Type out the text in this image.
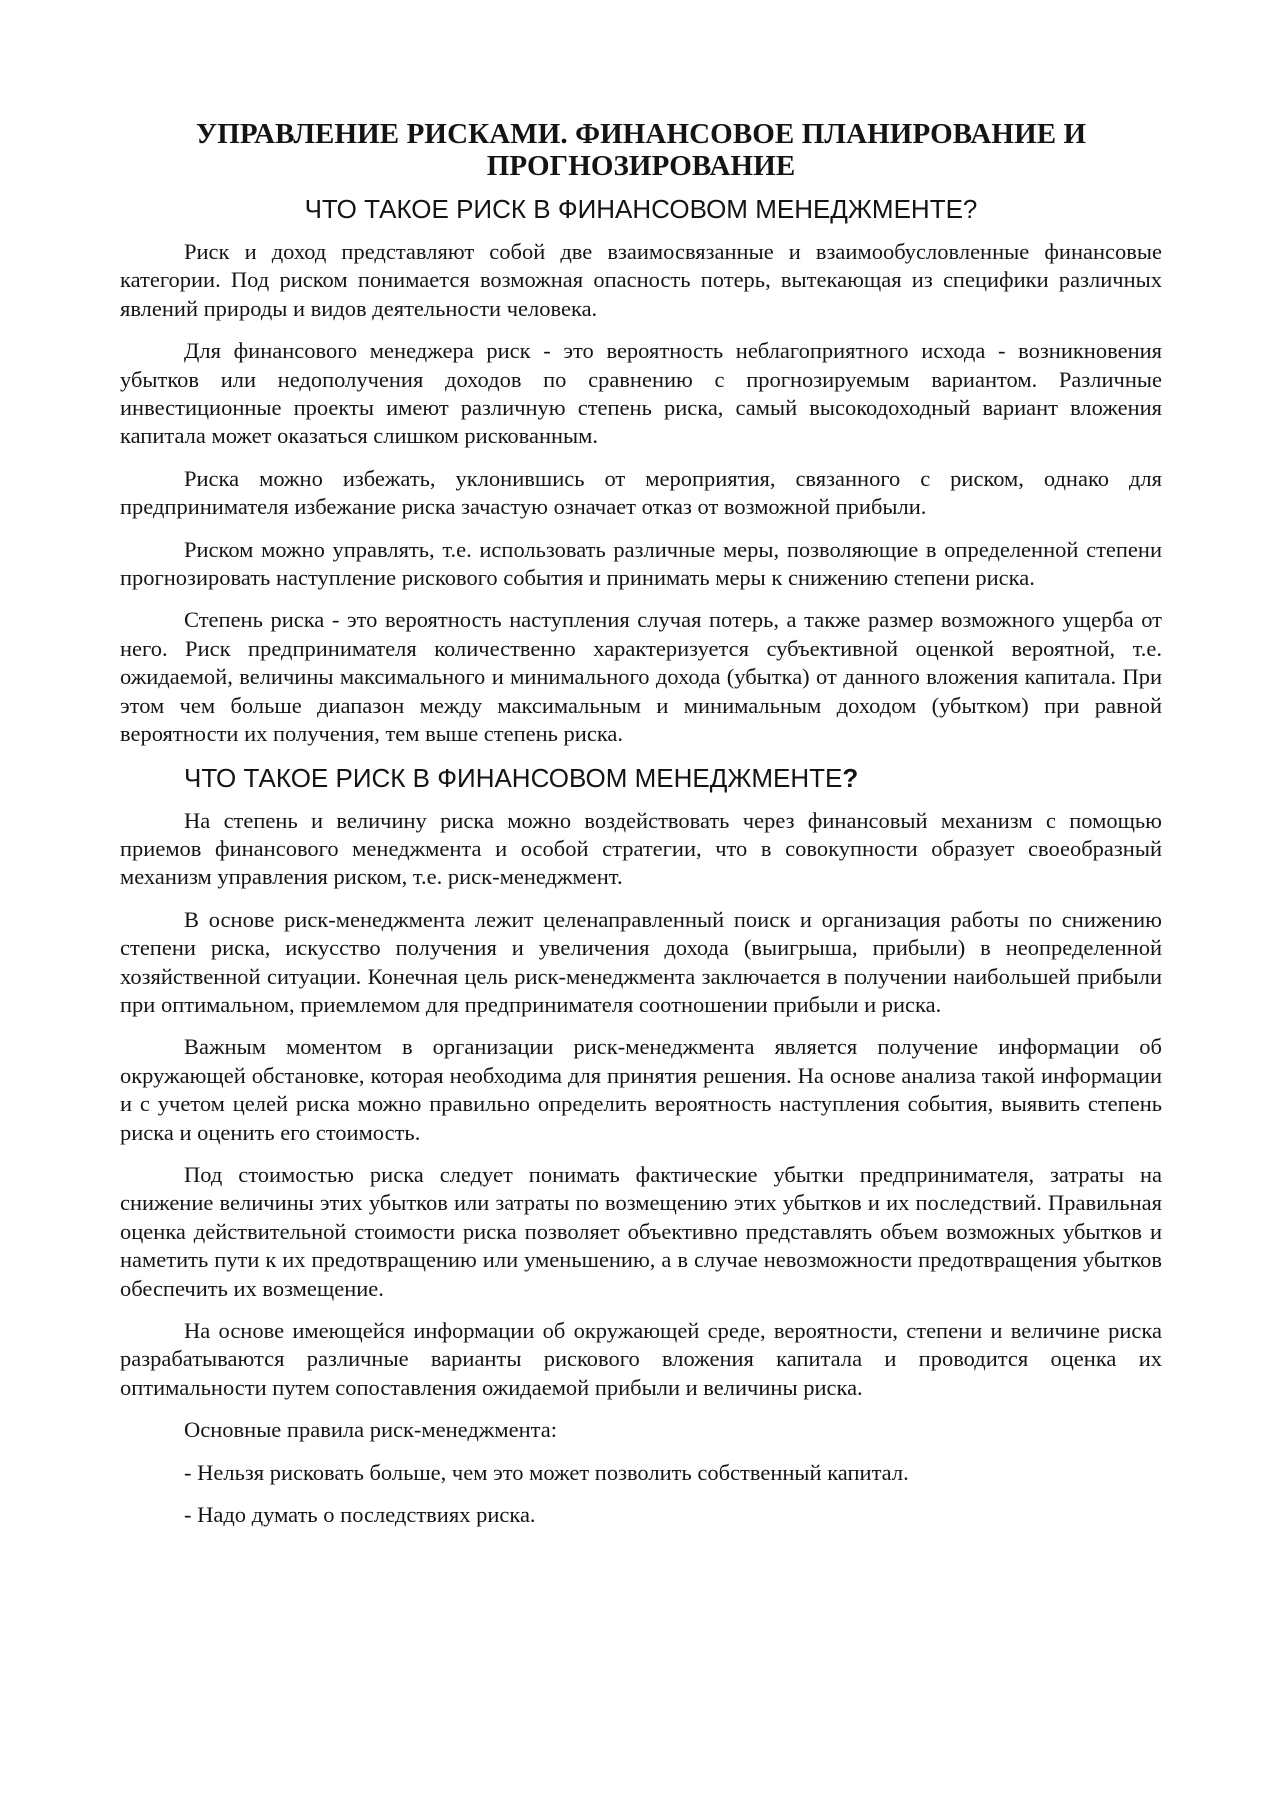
УПРАВЛЕНИЕ РИСКАМИ. ФИНАНСОВОЕ ПЛАНИРОВАНИЕ И ПРОГНОЗИРОВАНИЕ
ЧТО ТАКОЕ РИСК В ФИНАНСОВОМ МЕНЕДЖМЕНТЕ?

Риск и доход представляют собой две взаимосвязанные и взаимообусловленные финансовые категории. Под риском понимается возможная опасность потерь, вытекающая из специфики различных явлений природы и видов деятельности человека.

Для финансового менеджера риск - это вероятность неблагоприятного исхода - возникновения убытков или недополучения доходов по сравнению с прогнозируемым вариантом. Различные инвестиционные проекты имеют различную степень риска, самый высокодоходный вариант вложения капитала может оказаться слишком рискованным.

Риска можно избежать, уклонившись от мероприятия, связанного с риском, однако для предпринимателя избежание риска зачастую означает отказ от возможной прибыли.

Риском можно управлять, т.е. использовать различные меры, позволяющие в определенной степени прогнозировать наступление рискового события и принимать меры к снижению степени риска.

Степень риска - это вероятность наступления случая потерь, а также размер возможного ущерба от него. Риск предпринимателя количественно характеризуется субъективной оценкой вероятной, т.е. ожидаемой, величины максимального и минимального дохода (убытка) от данного вложения капитала. При этом чем больше диапазон между максимальным и минимальным доходом (убытком) при равной вероятности их получения, тем выше степень риска.

ЧТО ТАКОЕ РИСК В ФИНАНСОВОМ МЕНЕДЖМЕНТЕ?

На степень и величину риска можно воздействовать через финансовый механизм с помощью приемов финансового менеджмента и особой стратегии, что в совокупности образует своеобразный механизм управления риском, т.е. риск-менеджмент.

В основе риск-менеджмента лежит целенаправленный поиск и организация работы по снижению степени риска, искусство получения и увеличения дохода (выигрыша, прибыли) в неопределенной хозяйственной ситуации. Конечная цель риск-менеджмента заключается в получении наибольшей прибыли при оптимальном, приемлемом для предпринимателя соотношении прибыли и риска.

Важным моментом в организации риск-менеджмента является получение информации об окружающей обстановке, которая необходима для принятия решения. На основе анализа такой информации и с учетом целей риска можно правильно определить вероятность наступления события, выявить степень риска и оценить его стоимость.

Под стоимостью риска следует понимать фактические убытки предпринимателя, затраты на снижение величины этих убытков или затраты по возмещению этих убытков и их последствий. Правильная оценка действительной стоимости риска позволяет объективно представлять объем возможных убытков и наметить пути к их предотвращению или уменьшению, а в случае невозможности предотвращения убытков обеспечить их возмещение.

На основе имеющейся информации об окружающей среде, вероятности, степени и величине риска разрабатываются различные варианты рискового вложения капитала и проводится оценка их оптимальности путем сопоставления ожидаемой прибыли и величины риска.

Основные правила риск-менеджмента:

- Нельзя рисковать больше, чем это может позволить собственный капитал.

- Надо думать о последствиях риска.
